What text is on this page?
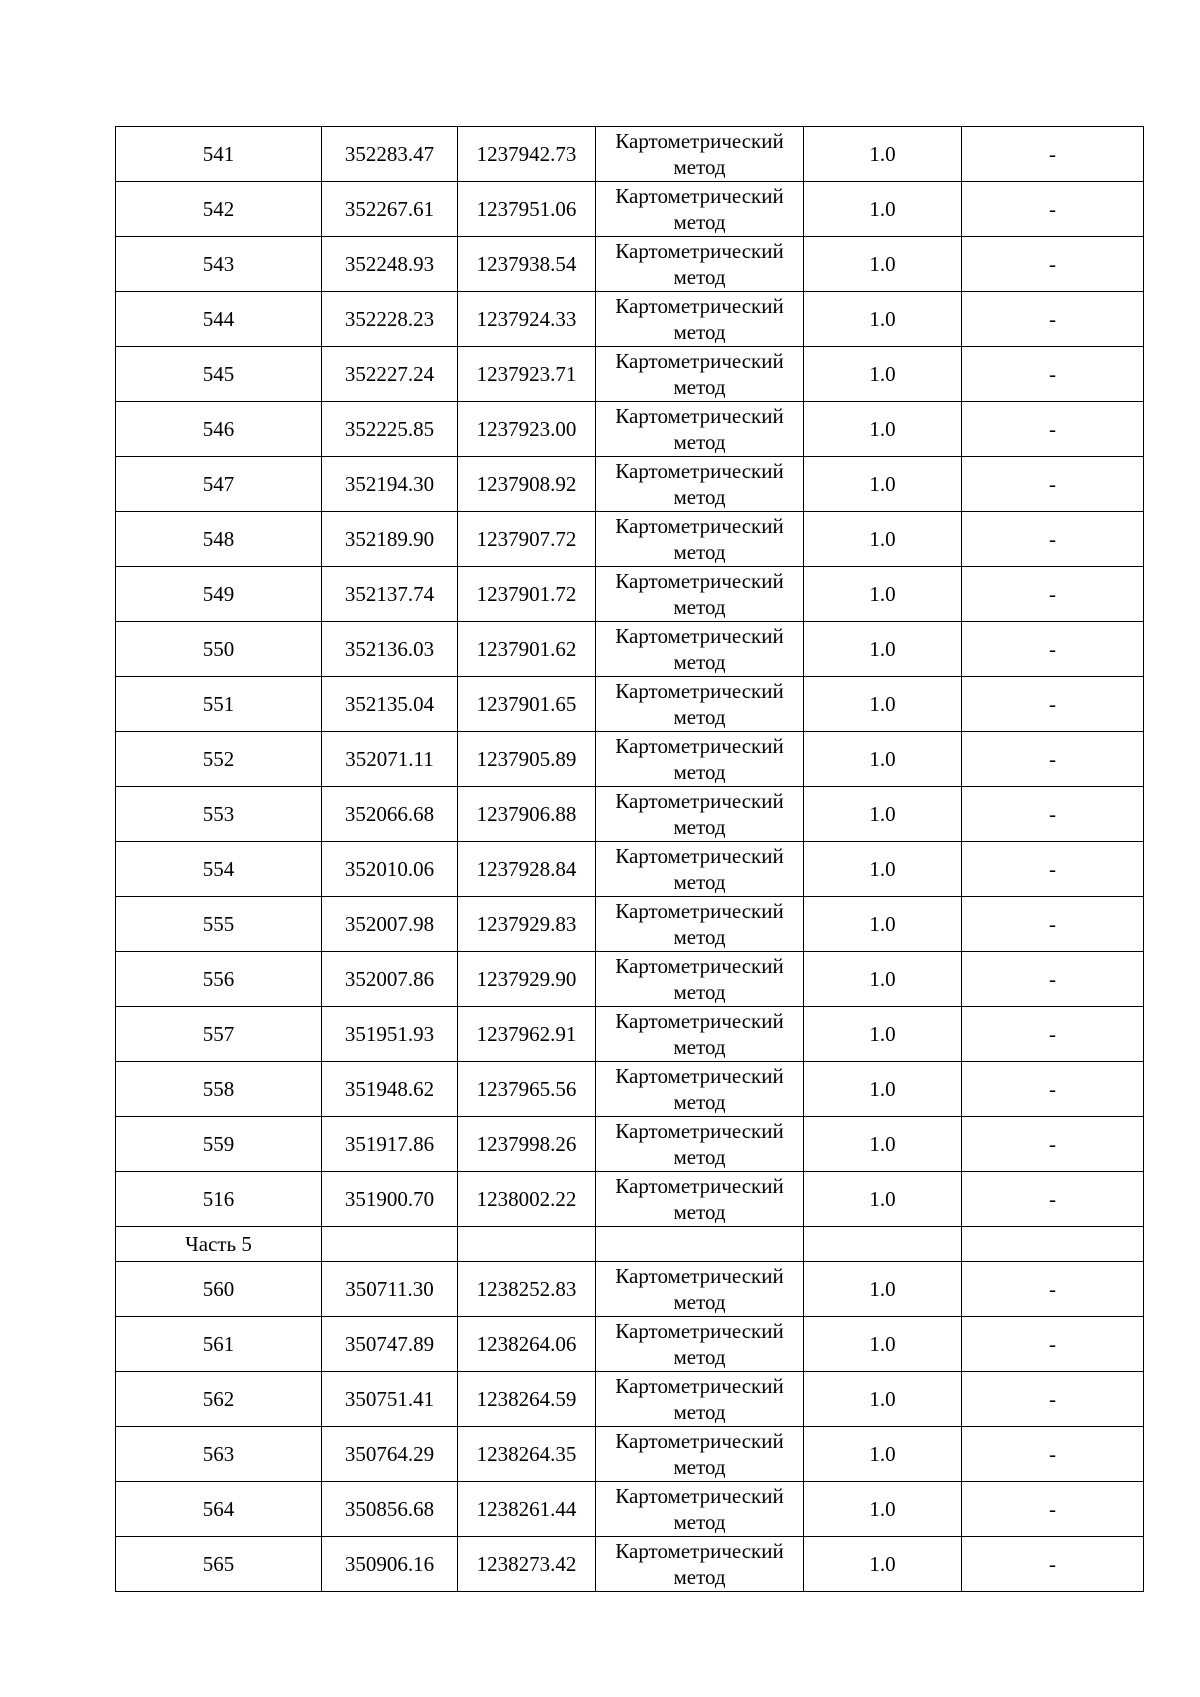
541	352283.47	1237942.73	Картометрический метод	1.0	-
542	352267.61	1237951.06	Картометрический метод	1.0	-
543	352248.93	1237938.54	Картометрический метод	1.0	-
544	352228.23	1237924.33	Картометрический метод	1.0	-
545	352227.24	1237923.71	Картометрический метод	1.0	-
546	352225.85	1237923.00	Картометрический метод	1.0	-
547	352194.30	1237908.92	Картометрический метод	1.0	-
548	352189.90	1237907.72	Картометрический метод	1.0	-
549	352137.74	1237901.72	Картометрический метод	1.0	-
550	352136.03	1237901.62	Картометрический метод	1.0	-
551	352135.04	1237901.65	Картометрический метод	1.0	-
552	352071.11	1237905.89	Картометрический метод	1.0	-
553	352066.68	1237906.88	Картометрический метод	1.0	-
554	352010.06	1237928.84	Картометрический метод	1.0	-
555	352007.98	1237929.83	Картометрический метод	1.0	-
556	352007.86	1237929.90	Картометрический метод	1.0	-
557	351951.93	1237962.91	Картометрический метод	1.0	-
558	351948.62	1237965.56	Картометрический метод	1.0	-
559	351917.86	1237998.26	Картометрический метод	1.0	-
516	351900.70	1238002.22	Картометрический метод	1.0	-
Часть 5					
560	350711.30	1238252.83	Картометрический метод	1.0	-
561	350747.89	1238264.06	Картометрический метод	1.0	-
562	350751.41	1238264.59	Картометрический метод	1.0	-
563	350764.29	1238264.35	Картометрический метод	1.0	-
564	350856.68	1238261.44	Картометрический метод	1.0	-
565	350906.16	1238273.42	Картометрический метод	1.0	-
